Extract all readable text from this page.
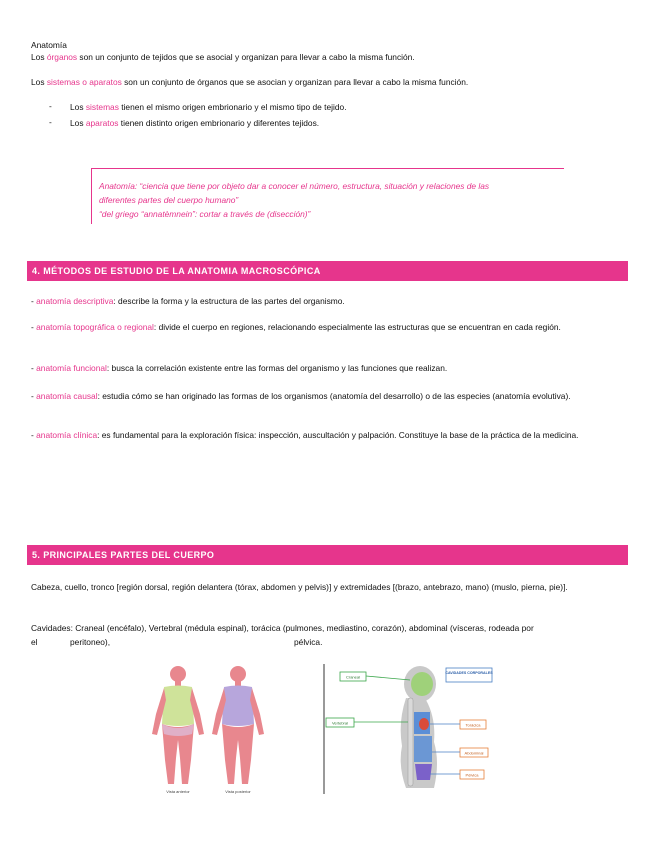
Anatomía
Los órganos son un conjunto de tejidos que se asocial y organizan para llevar a cabo la misma función.
Los sistemas o aparatos son un conjunto de órganos que se asocian y organizan para llevar a cabo la misma función.
- Los sistemas tienen el mismo origen embrionario y el mismo tipo de tejido.
- Los aparatos tienen distinto origen embrionario y diferentes tejidos.
Anatomía: “ciencia que tiene por objeto dar a conocer el número, estructura, situación y relaciones de las
diferentes partes del cuerpo humano”
“del griego “annatèmnein”: cortar a través de (disección)”
4. MÉTODOS DE ESTUDIO DE LA ANATOMIA MACROSCÓPICA
- anatomía descriptiva: describe la forma y la estructura de las partes del organismo.
- anatomía topográfica o regional: divide el cuerpo en regiones, relacionando especialmente las estructuras que se encuentran en cada región.
- anatomía funcional: busca la correlación existente entre las formas del organismo y las funciones que realizan.
- anatomía causal: estudia cómo se han originado las formas de los organismos (anatomía del desarrollo) o de las especies (anatomía evolutiva).
- anatomía clínica: es fundamental para la exploración física: inspección, auscultación y palpación. Constituye la base de la práctica de la medicina.
5. PRINCIPALES PARTES DEL CUERPO
Cabeza, cuello, tronco [región dorsal, región delantera (tórax, abdomen y pelvis)] y extremidades [(brazo, antebrazo, mano) (muslo, pierna, pie)].
Cavidades: Craneal (encéfalo), Vertebral (médula espinal), torácica (pulmones, mediastino, corazón), abdominal (vísceras, rodeada por
el	peritoneo),	pélvica.
Vista anterior	Vista posterior
CAVIDADES CORPORALES
Craneal
Vertebral	Torácica
Abdominal
Pélvica
